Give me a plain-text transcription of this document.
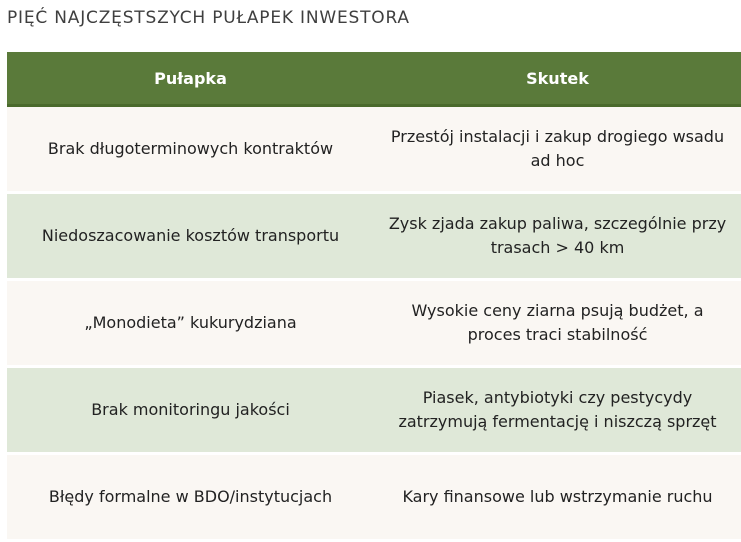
PIĘĆ NAJCZĘSTSZYCH PUŁAPEK INWESTORA
Pułapka	Skutek
Brak długoterminowych kontraktów
Przestój instalacji i zakup drogiego wsadu ad hoc
Niedoszacowanie kosztów transportu
Zysk zjada zakup paliwa, szczególnie przy trasach > 40 km
„Monodieta” kukurydziana
Wysokie ceny ziarna psują budżet, a proces traci stabilność
Brak monitoringu jakości
Piasek, antybiotyki czy pestycydy zatrzymują fermentację i niszczą sprzęt
Błędy formalne w BDO/instytucjach	Kary finansowe lub wstrzymanie ruchu
